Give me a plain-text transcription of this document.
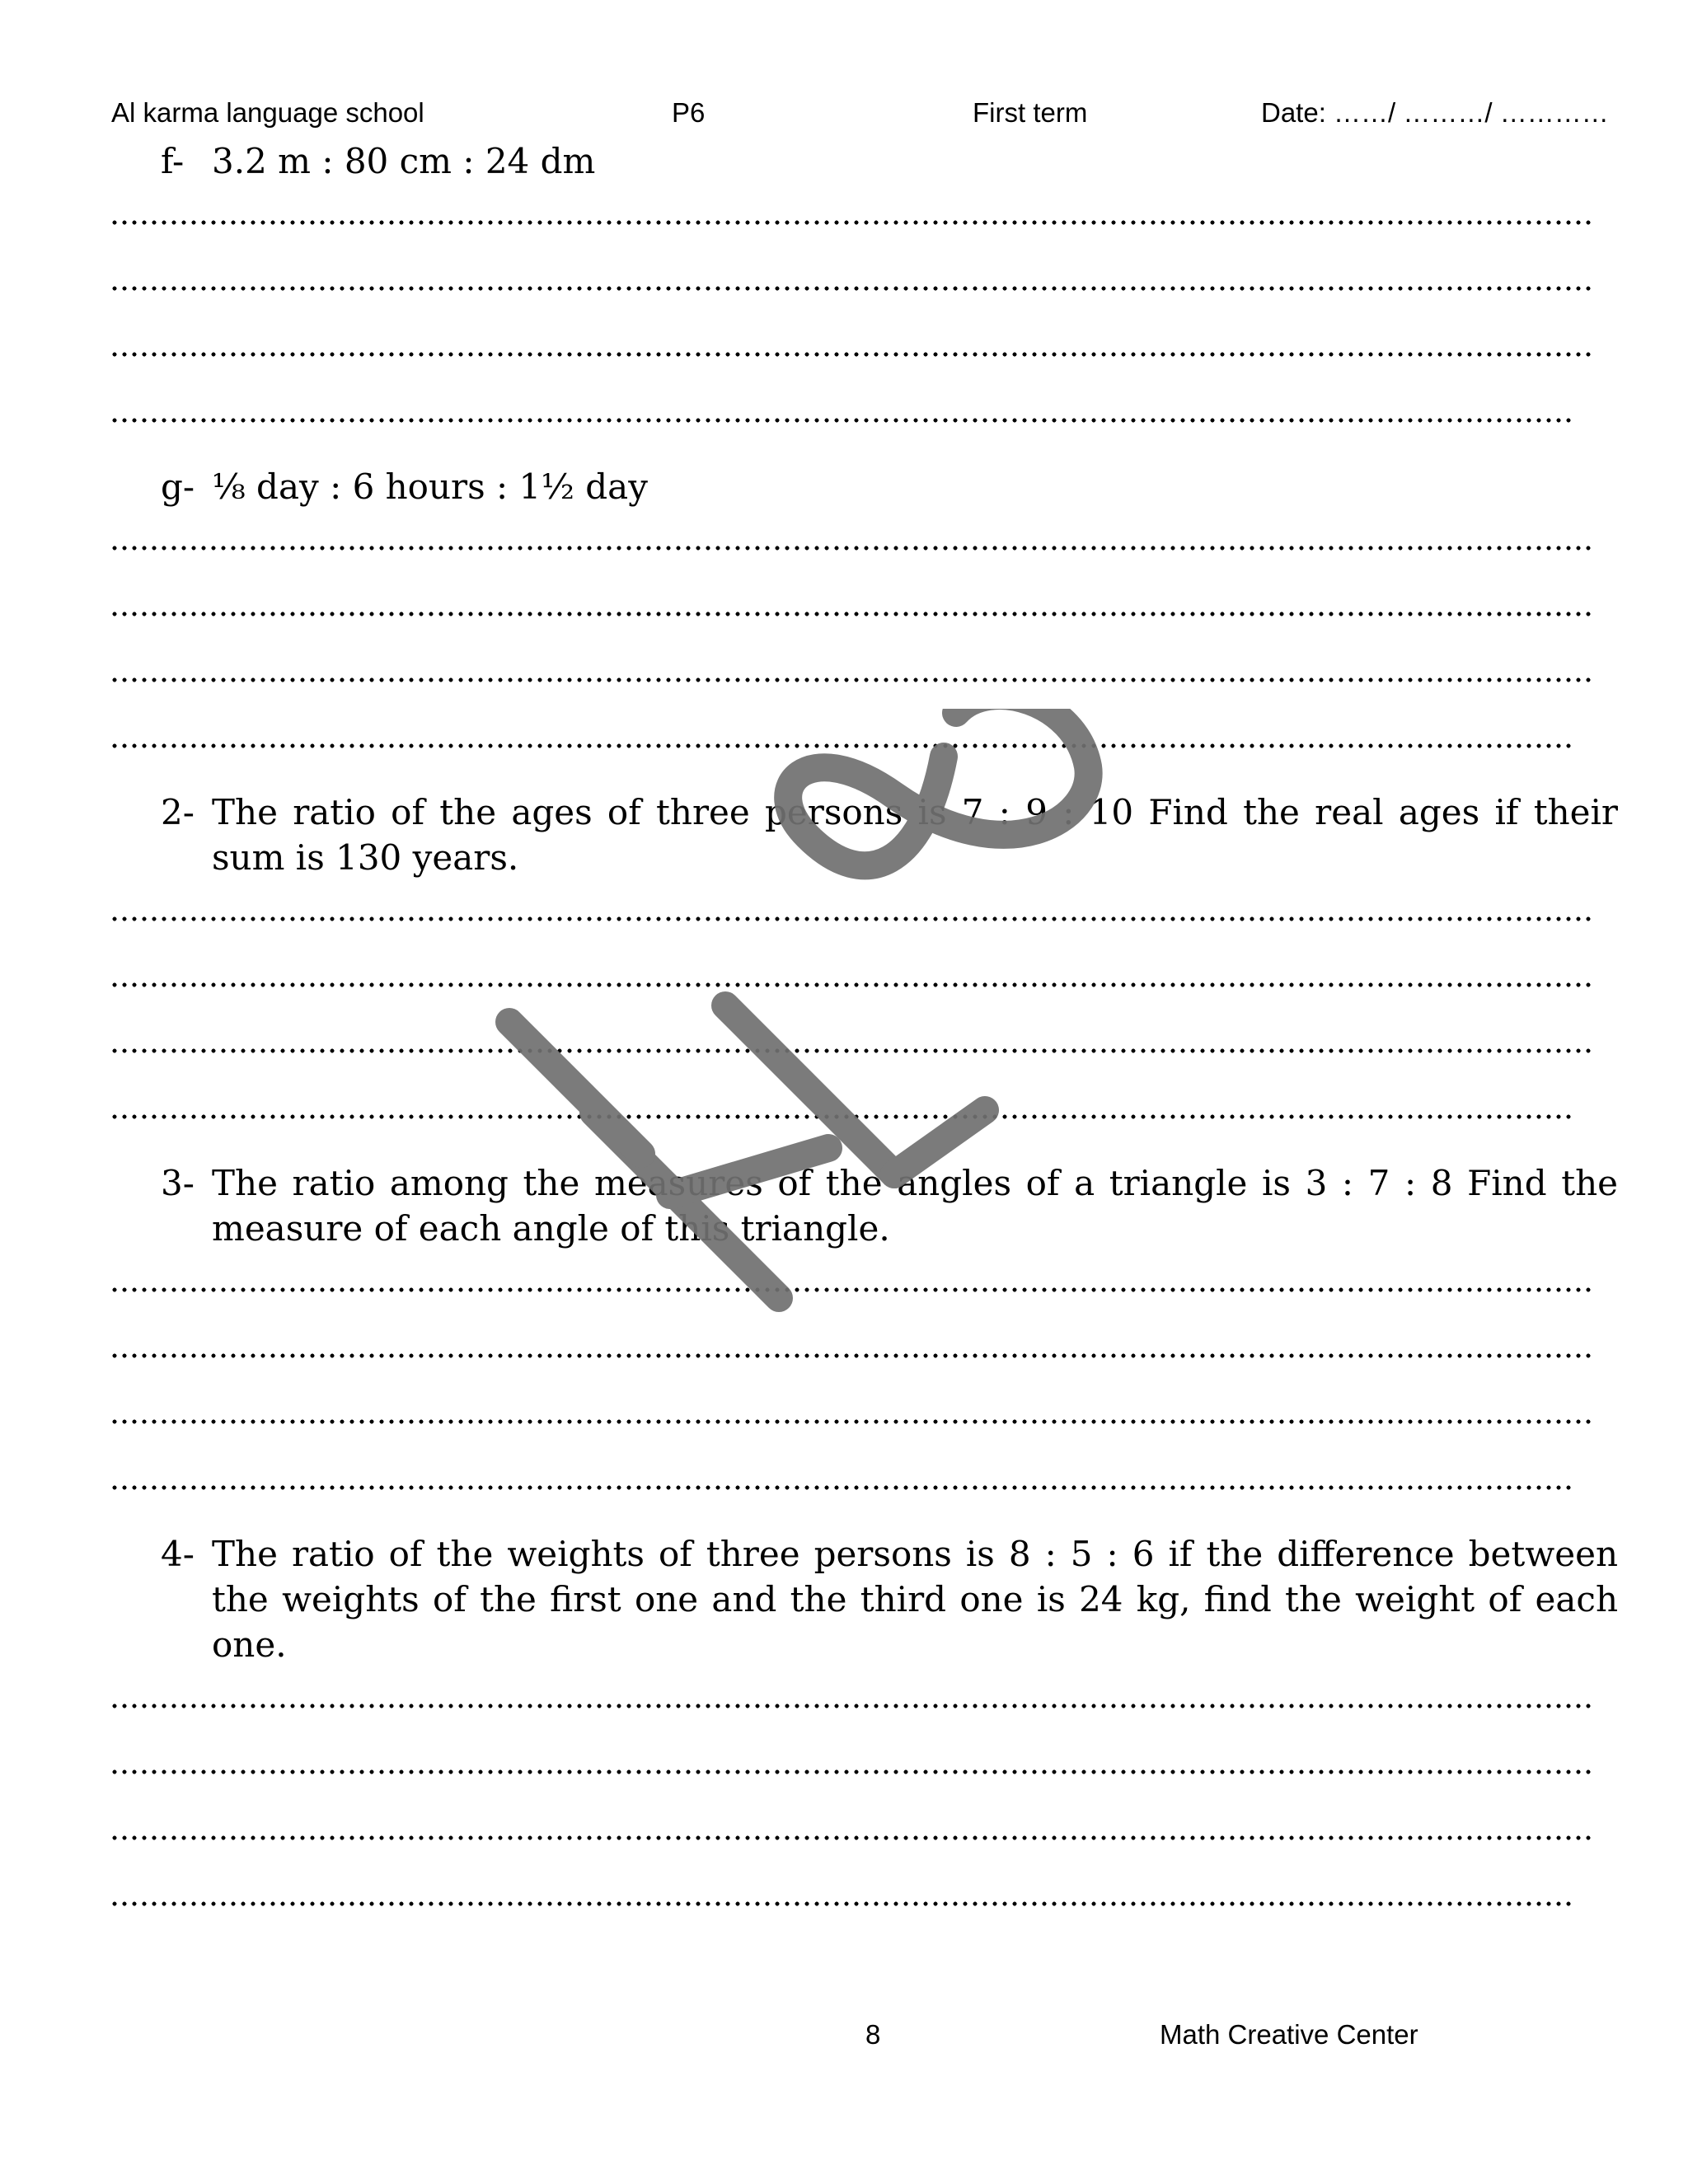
Al karma language school	P6	First term	Date: ……/ ………/ …………
f- 3.2 m : 80 cm : 24 dm
g- ⅛ day : 6 hours : 1½ day
2- The ratio of the ages of three persons is 7 : 9 : 10 Find the real ages if their sum is 130 years.
3- The ratio among the measures of the angles of a triangle is 3 : 7 : 8 Find the measure of each angle of this triangle.
4- The ratio of the weights of three persons is 8 : 5 : 6 if the difference between the weights of the first one and the third one is 24 kg, find the weight of each one.
8	Math Creative Center
